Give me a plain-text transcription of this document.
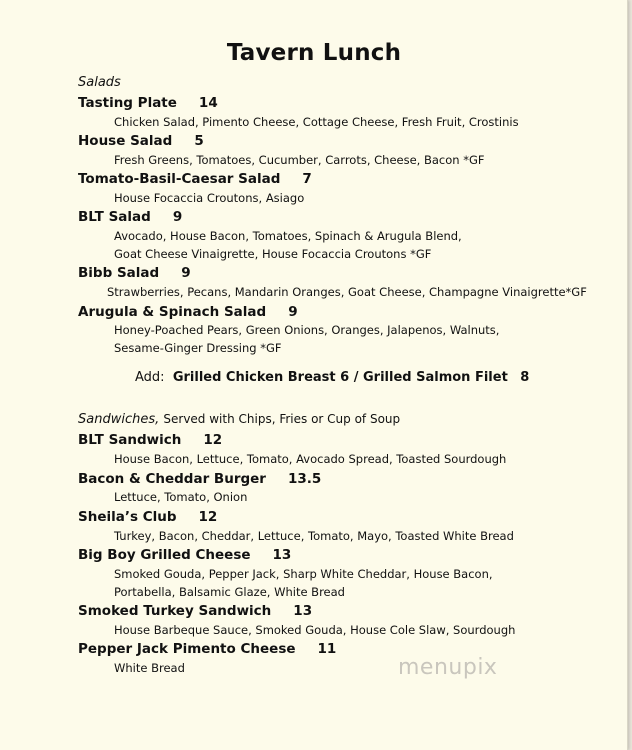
Tavern Lunch
Salads
Tasting Plate 14
Chicken Salad, Pimento Cheese, Cottage Cheese, Fresh Fruit, Crostinis
House Salad 5
Fresh Greens, Tomatoes, Cucumber, Carrots, Cheese, Bacon *GF
Tomato-Basil-Caesar Salad 7
House Focaccia Croutons, Asiago
BLT Salad 9
Avocado, House Bacon, Tomatoes, Spinach & Arugula Blend,
Goat Cheese Vinaigrette, House Focaccia Croutons *GF
Bibb Salad 9
Strawberries, Pecans, Mandarin Oranges, Goat Cheese, Champagne Vinaigrette*GF
Arugula & Spinach Salad 9
Honey-Poached Pears, Green Onions, Oranges, Jalapenos, Walnuts,
Sesame-Ginger Dressing *GF
Add: Grilled Chicken Breast 6 / Grilled Salmon Filet 8
Sandwiches, Served with Chips, Fries or Cup of Soup
BLT Sandwich 12
House Bacon, Lettuce, Tomato, Avocado Spread, Toasted Sourdough
Bacon & Cheddar Burger 13.5
Lettuce, Tomato, Onion
Sheila’s Club 12
Turkey, Bacon, Cheddar, Lettuce, Tomato, Mayo, Toasted White Bread
Big Boy Grilled Cheese 13
Smoked Gouda, Pepper Jack, Sharp White Cheddar, House Bacon,
Portabella, Balsamic Glaze, White Bread
Smoked Turkey Sandwich 13
House Barbeque Sauce, Smoked Gouda, House Cole Slaw, Sourdough
Pepper Jack Pimento Cheese 11
White Bread	menupix
